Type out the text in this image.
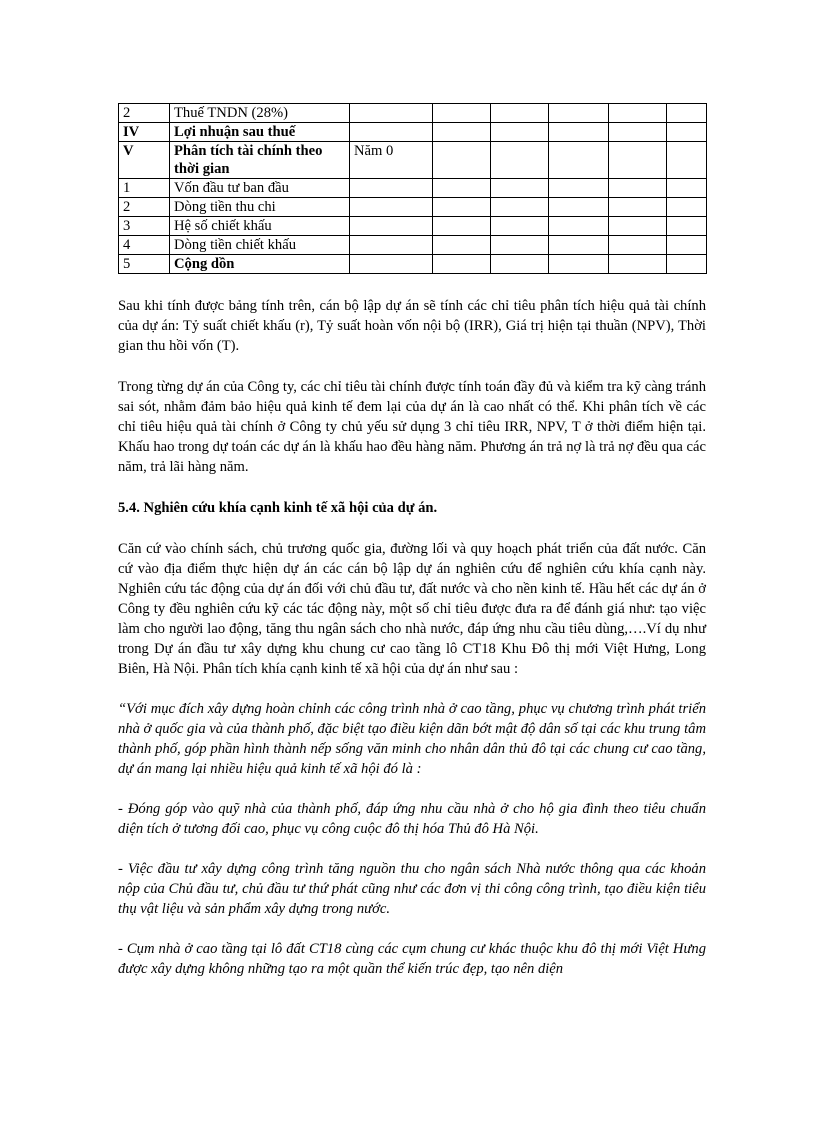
2	Thuế TNDN (28%)						
IV	Lợi nhuận sau thuế						
V	Phân tích tài chính theo thời gian	Năm 0					
1	Vốn đầu tư ban đầu						
2	Dòng tiền thu chi						
3	Hệ số chiết khấu						
4	Dòng tiền chiết khấu						
5	Cộng dồn						

Sau khi tính được bảng tính trên, cán bộ lập dự án sẽ tính các chỉ tiêu phân tích hiệu quả tài chính của dự án: Tỷ suất chiết khấu (r), Tỷ suất hoàn vốn nội bộ (IRR), Giá trị hiện tại thuần (NPV), Thời gian thu hồi vốn (T).

Trong từng dự án của Công ty, các chỉ tiêu tài chính được tính toán đầy đủ và kiểm tra kỹ càng tránh sai sót, nhằm đảm bảo hiệu quả kinh tế đem lại của dự án là cao nhất có thể. Khi phân tích về các chỉ tiêu hiệu quả tài chính ở Công ty chủ yếu sử dụng 3 chỉ tiêu IRR, NPV, T ở thời điểm hiện tại. Khấu hao trong dự toán các dự án là khấu hao đều hàng năm. Phương án trả nợ là trả nợ đều qua các năm, trả lãi hàng năm.

5.4. Nghiên cứu khía cạnh kinh tế xã hội của dự án.

Căn cứ vào chính sách, chủ trương quốc gia, đường lối và quy hoạch phát triển của đất nước. Căn cứ vào địa điểm thực hiện dự án các cán bộ lập dự án nghiên cứu để nghiên cứu khía cạnh này. Nghiên cứu tác động của dự án đối với chủ đầu tư, đất nước và cho nền kinh tế. Hầu hết các dự án ở Công ty đều nghiên cứu kỹ các tác động này, một số chỉ tiêu được đưa ra để đánh giá như: tạo việc làm cho người lao động, tăng thu ngân sách cho nhà nước, đáp ứng nhu cầu tiêu dùng,….Ví dụ như trong Dự án đầu tư xây dựng khu chung cư cao tầng lô CT18 Khu Đô thị mới Việt Hưng, Long Biên, Hà Nội. Phân tích khía cạnh kinh tế xã hội của dự án như sau :

“Với mục đích xây dựng hoàn chỉnh các công trình nhà ở cao tầng, phục vụ chương trình phát triển nhà ở quốc gia và của thành phố, đặc biệt tạo điều kiện dãn bớt mật độ dân số tại các khu trung tâm thành phố, góp phần hình thành nếp sống văn minh cho nhân dân thủ đô tại các chung cư cao tầng, dự án mang lại nhiều hiệu quả kinh tế xã hội đó là :

- Đóng góp vào quỹ nhà của thành phố, đáp ứng nhu cầu nhà ở cho hộ gia đình theo tiêu chuẩn diện tích ở tương đối cao, phục vụ công cuộc đô thị hóa Thủ đô Hà Nội.

- Việc đầu tư xây dựng công trình tăng nguồn thu cho ngân sách Nhà nước thông qua các khoản nộp của Chủ đầu tư, chủ đầu tư thứ phát cũng như các đơn vị thi công công trình, tạo điều kiện tiêu thụ vật liệu và sản phẩm xây dựng trong nước.

- Cụm nhà ở cao tầng tại lô đất CT18 cùng các cụm chung cư khác thuộc khu đô thị mới Việt Hưng được xây dựng không những tạo ra một quần thể kiến trúc đẹp, tạo nên diện
